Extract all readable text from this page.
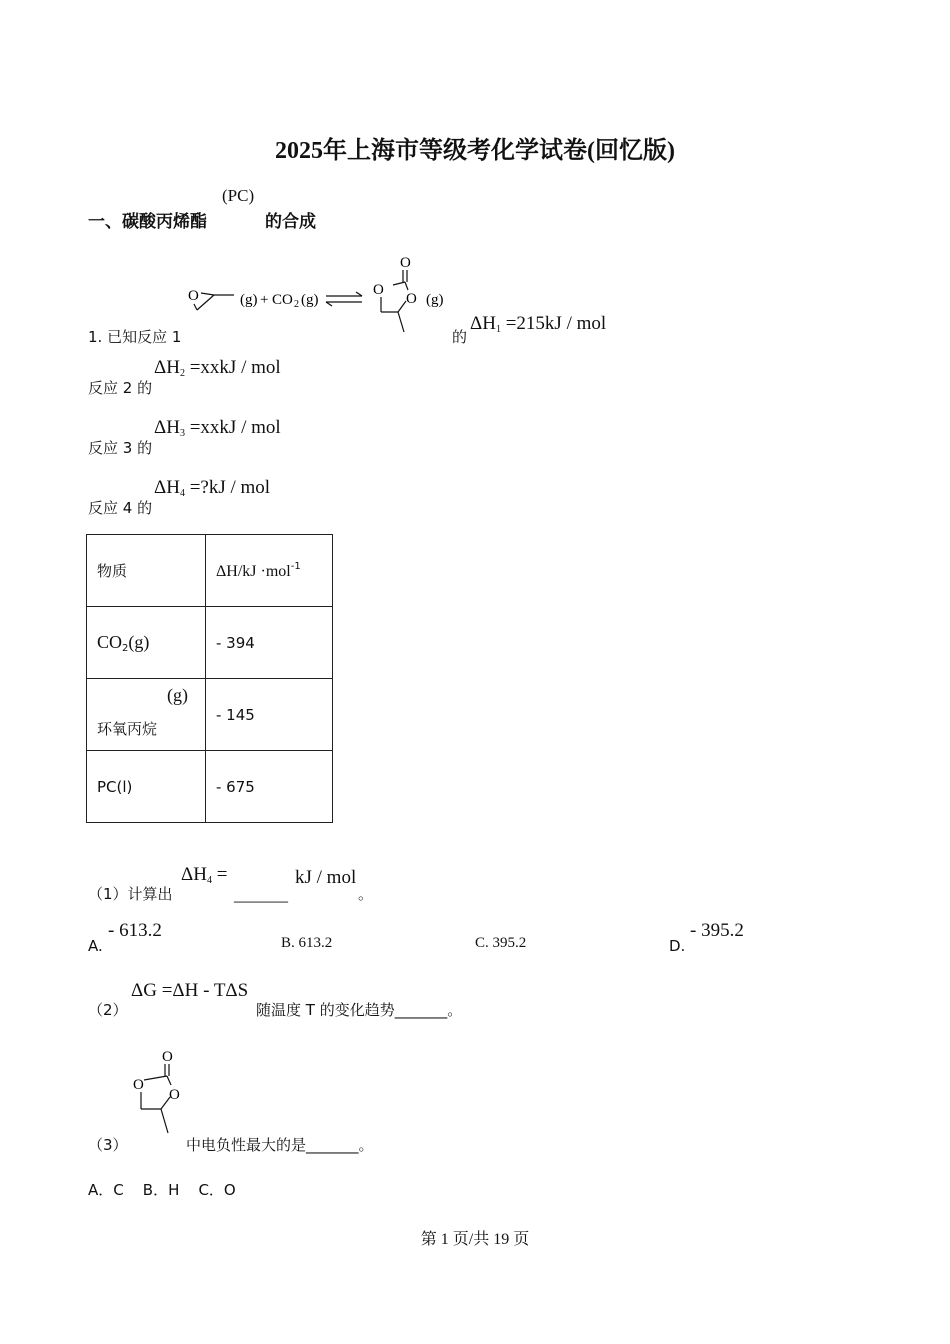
2025年上海市等级考化学试卷(回忆版)
一、碳酸丙烯酯
(PC)
的合成
O	(g) + CO 2 (g)
O
O
O (g)
1. 已知反应 1	的
$\Delta H_1 =215kJ$ / mol
$\Delta H_2$ =xxkJ / mol
反应 2 的
$\Delta H_3$ =xxkJ / mol
反应 3 的
$\Delta H_4$ =?kJ / mol
反应 4 的
物质	ΔH/kJ ·mol$^{-1}$
$CO_2(g)$	- 394

(g)
环氧丙烷	- 145
PC(l)	- 675
（1）计算出
$\Delta H_4$ =
______
kJ / mol
。
A.
- 613.2
B. 613.2	C. 395.2	D.
- 395.2
（2）
ΔG =ΔH - TΔS
随温度 T 的变化趋势_______。
O
O
O
（3）	中电负性最大的是_______。
A．C    B．H    C．O
第 1 页/共 19 页
